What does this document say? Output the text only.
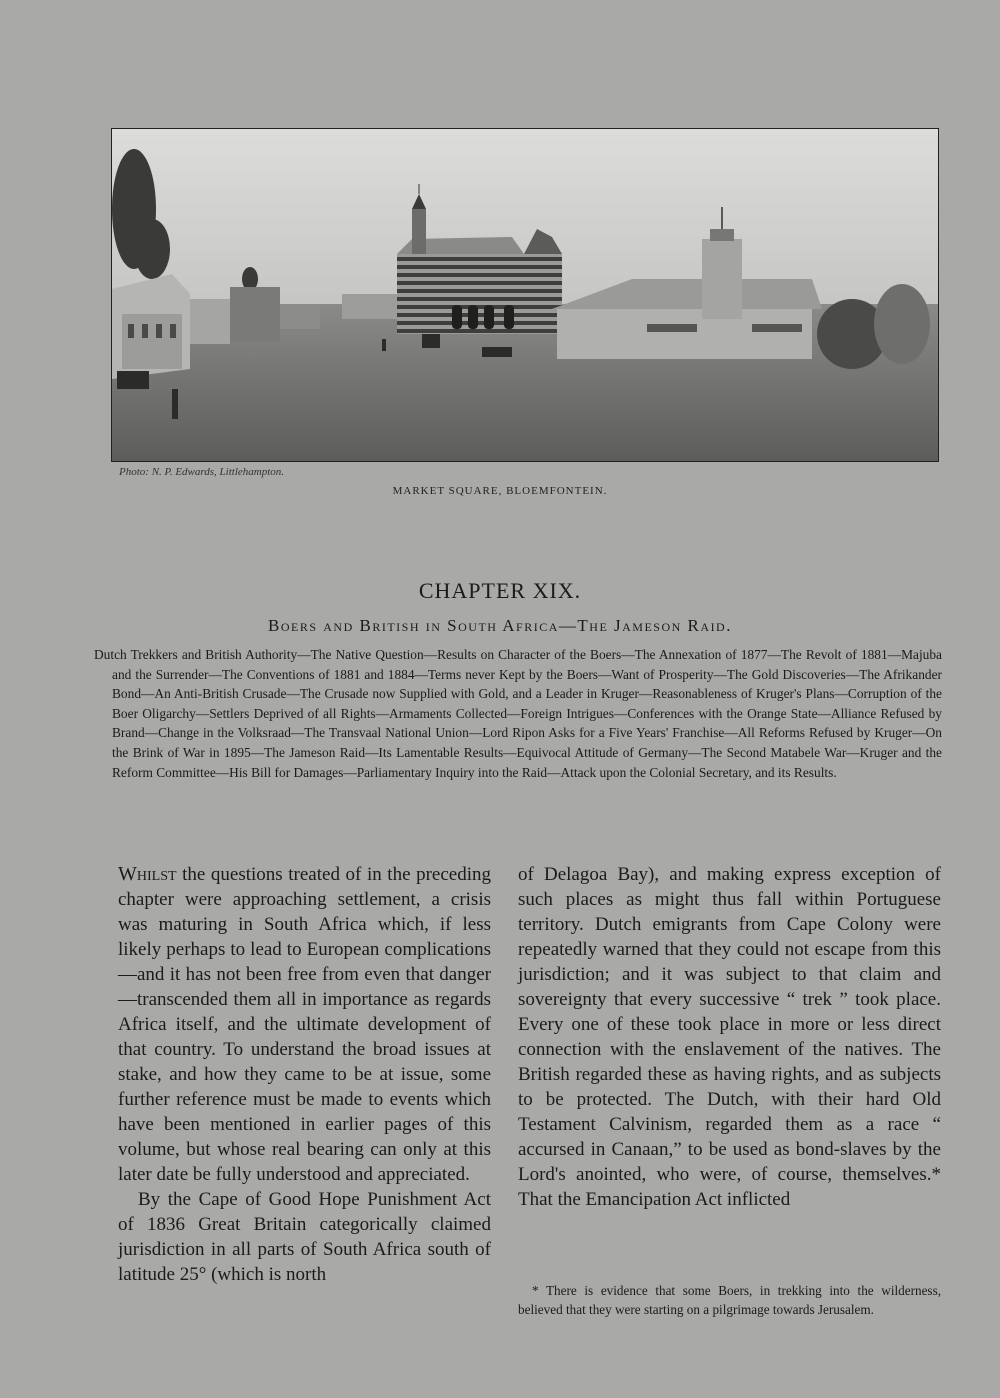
Photo: N. P. Edwards, Littlehampton.
MARKET SQUARE, BLOEMFONTEIN.
CHAPTER XIX.
Boers and British in South Africa—The Jameson Raid.
Dutch Trekkers and British Authority—The Native Question—Results on Character of the Boers—The Annexation of 1877—The Revolt of 1881—Majuba and the Surrender—The Conventions of 1881 and 1884—Terms never Kept by the Boers—Want of Prosperity—The Gold Discoveries—The Afrikander Bond—An Anti-British Crusade—The Crusade now Supplied with Gold, and a Leader in Kruger—Reasonableness of Kruger's Plans—Corruption of the Boer Oligarchy—Settlers Deprived of all Rights—Armaments Collected—Foreign Intrigues—Conferences with the Orange State—Alliance Refused by Brand—Change in the Volksraad—The Transvaal National Union—Lord Ripon Asks for a Five Years' Franchise—All Reforms Refused by Kruger—On the Brink of War in 1895—The Jameson Raid—Its Lamentable Results—Equivocal Attitude of Germany—The Second Matabele War—Kruger and the Reform Committee—His Bill for Damages—Parliamentary Inquiry into the Raid—Attack upon the Colonial Secretary, and its Results.

Whilst the questions treated of in the preceding chapter were approaching settlement, a crisis was maturing in South Africa which, if less likely perhaps to lead to European complications—and it has not been free from even that danger—transcended them all in importance as regards Africa itself, and the ultimate development of that country. To understand the broad issues at stake, and how they came to be at issue, some further reference must be made to events which have been mentioned in earlier pages of this volume, but whose real bearing can only at this later date be fully understood and appreciated.

By the Cape of Good Hope Punishment Act of 1836 Great Britain categorically claimed jurisdiction in all parts of South Africa south of latitude 25° (which is north

of Delagoa Bay), and making express exception of such places as might thus fall within Portuguese territory. Dutch emigrants from Cape Colony were repeatedly warned that they could not escape from this jurisdiction; and it was subject to that claim and sovereignty that every successive “ trek ” took place. Every one of these took place in more or less direct connection with the enslavement of the natives. The British regarded these as having rights, and as subjects to be protected. The Dutch, with their hard Old Testament Calvinism, regarded them as a race “ accursed in Canaan,” to be used as bond-slaves by the Lord's anointed, who were, of course, themselves.* That the Emancipation Act inflicted

* There is evidence that some Boers, in trekking into the wilderness, believed that they were starting on a pilgrimage towards Jerusalem.
